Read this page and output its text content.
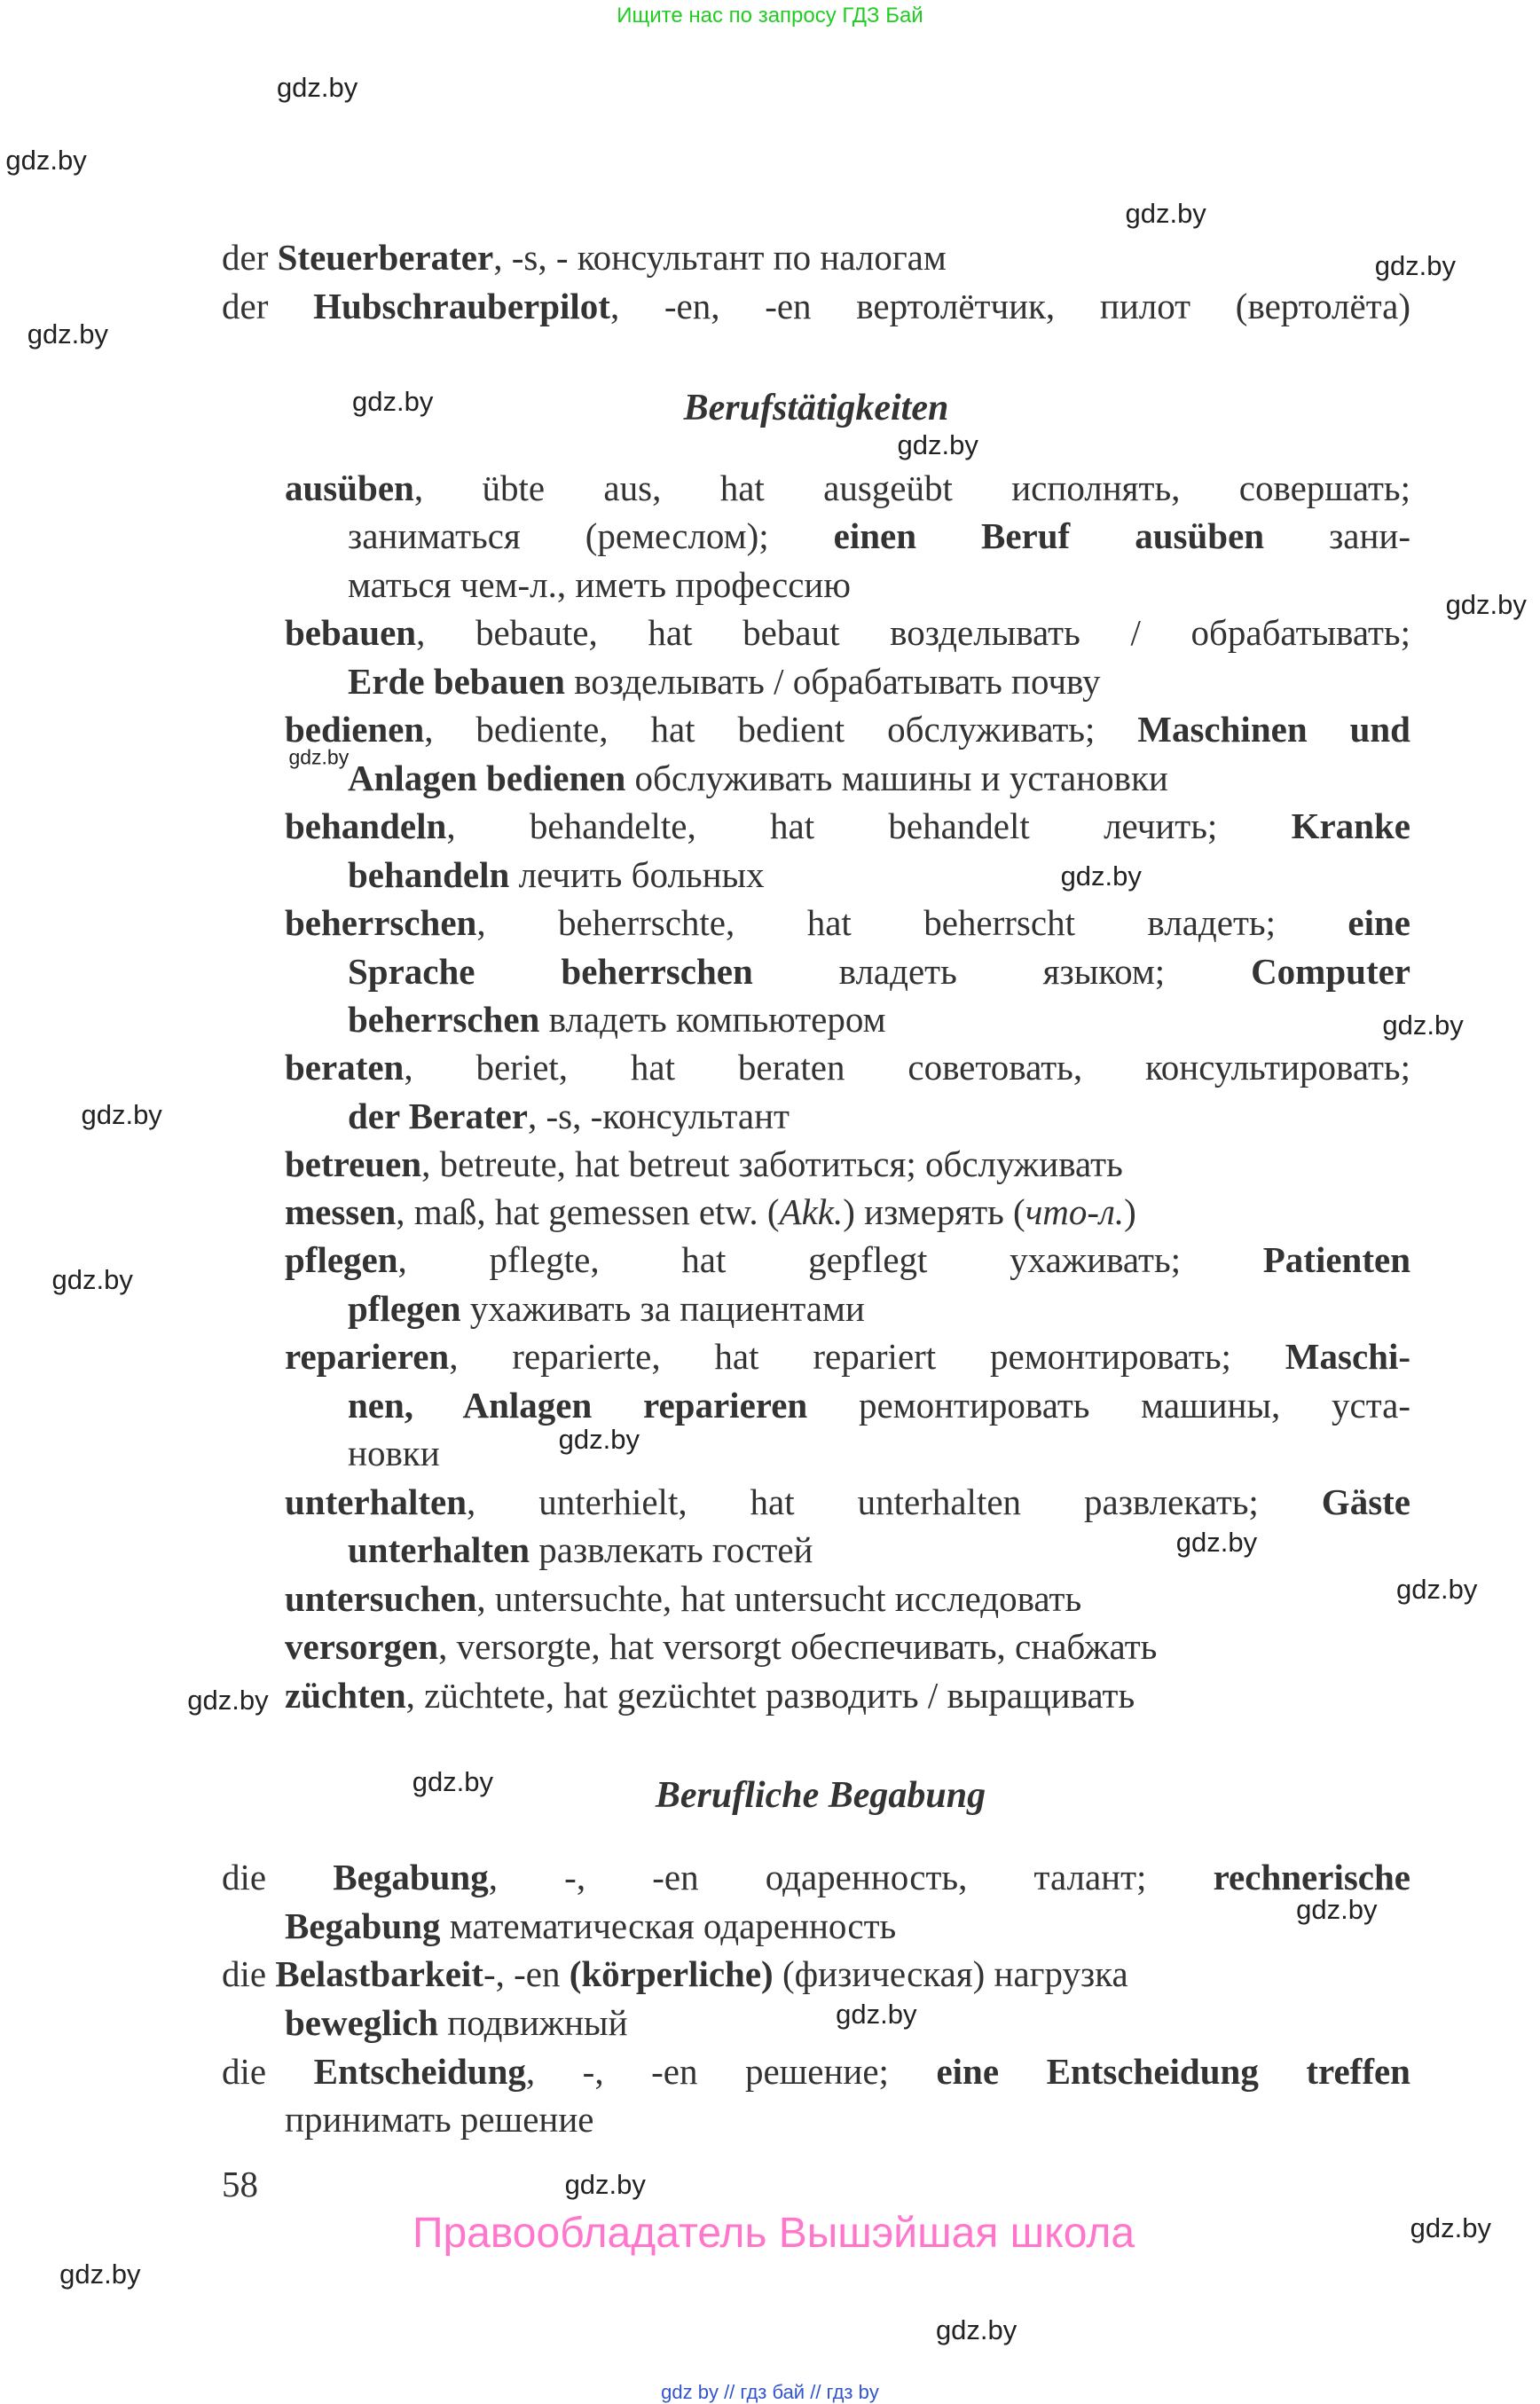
Ищите нас по запросу ГДЗ Бай
der Steuerberater, -s, - консультант по налогам
der Hubschrauberpilot, -en, -en вертолётчик, пилот (вертолёта)
ausüben, übte aus, hat ausgeübt исполнять, совершать;
заниматься (ремеслом); einen Beruf ausüben зани-
маться чем-л., иметь профессию
bebauen, bebaute, hat bebaut возделывать / обрабатывать;
Erde bebauen возделывать / обрабатывать почву
bedienen, bediente, hat bedient обслуживать; Maschinen und
Anlagen bedienen обслуживать машины и установки
behandeln, behandelte, hat behandelt лечить; Kranke
behandeln лечить больных
beherrschen, beherrschte, hat beherrscht владеть; eine
Sprache beherrschen владеть языком; Computer
beherrschen владеть компьютером
beraten, beriet, hat beraten советовать, консультировать;
der Berater, -s, -консультант
betreuen, betreute, hat betreut заботиться; обслуживать
messen, maß, hat gemessen etw. (Akk.) измерять (что-л.)
pflegen, pflegte, hat gepflegt ухаживать; Patienten
pflegen ухаживать за пациентами
reparieren, reparierte, hat repariert ремонтировать; Maschi-
nen, Anlagen reparieren ремонтировать машины, уста-
новки
unterhalten, unterhielt, hat unterhalten развлекать; Gäste
unterhalten развлекать гостей
untersuchen, untersuchte, hat untersucht исследовать
versorgen, versorgte, hat versorgt обеспечивать, снабжать
züchten, züchtete, hat gezüchtet разводить / выращивать
die Begabung, -, -en одаренность, талант; rechnerische
Begabung математическая одаренность
die Belastbarkeit-, -en (körperliche) (физическая) нагрузка
beweglich подвижный
die Entscheidung, -, -en решение; eine Entscheidung treffen
принимать решение
Berufstätigkeiten
Berufliche Begabung
58
Правообладатель Вышэйшая школа
gdz by // гдз бай // гдз by
gdz.by
gdz.by
gdz.by
gdz.by
gdz.by
gdz.by
gdz.by
gdz.by
gdz.by
gdz.by
gdz.by
gdz.by
gdz.by
gdz.by
gdz.by
gdz.by
gdz.by
gdz.by
gdz.by
gdz.by
gdz.by
gdz.by
gdz.by
gdz.by
